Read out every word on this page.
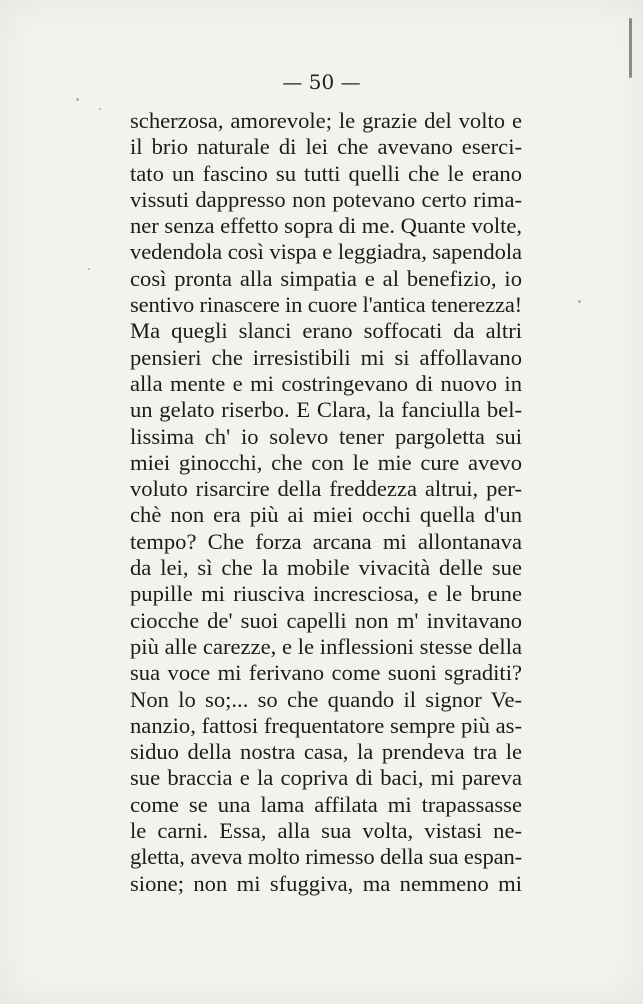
— 50 —
scherzosa, amorevole; le grazie del volto e
il brio naturale di lei che avevano eserci-
tato un fascino su tutti quelli che le erano
vissuti dappresso non potevano certo rima-
ner senza effetto sopra di me. Quante volte,
vedendola così vispa e leggiadra, sapendola
così pronta alla simpatia e al benefizio, io
sentivo rinascere in cuore l'antica tenerezza!
Ma quegli slanci erano soffocati da altri
pensieri che irresistibili mi si affollavano
alla mente e mi costringevano di nuovo in
un gelato riserbo. E Clara, la fanciulla bel-
lissima ch' io solevo tener pargoletta sui
miei ginocchi, che con le mie cure avevo
voluto risarcire della freddezza altrui, per-
chè non era più ai miei occhi quella d'un
tempo? Che forza arcana mi allontanava
da lei, sì che la mobile vivacità delle sue
pupille mi riusciva incresciosa, e le brune
ciocche de' suoi capelli non m' invitavano
più alle carezze, e le inflessioni stesse della
sua voce mi ferivano come suoni sgraditi?
Non lo so;... so che quando il signor Ve-
nanzio, fattosi frequentatore sempre più as-
siduo della nostra casa, la prendeva tra le
sue braccia e la copriva di baci, mi pareva
come se una lama affilata mi trapassasse
le carni. Essa, alla sua volta, vistasi ne-
gletta, aveva molto rimesso della sua espan-
sione; non mi sfuggiva, ma nemmeno mi
